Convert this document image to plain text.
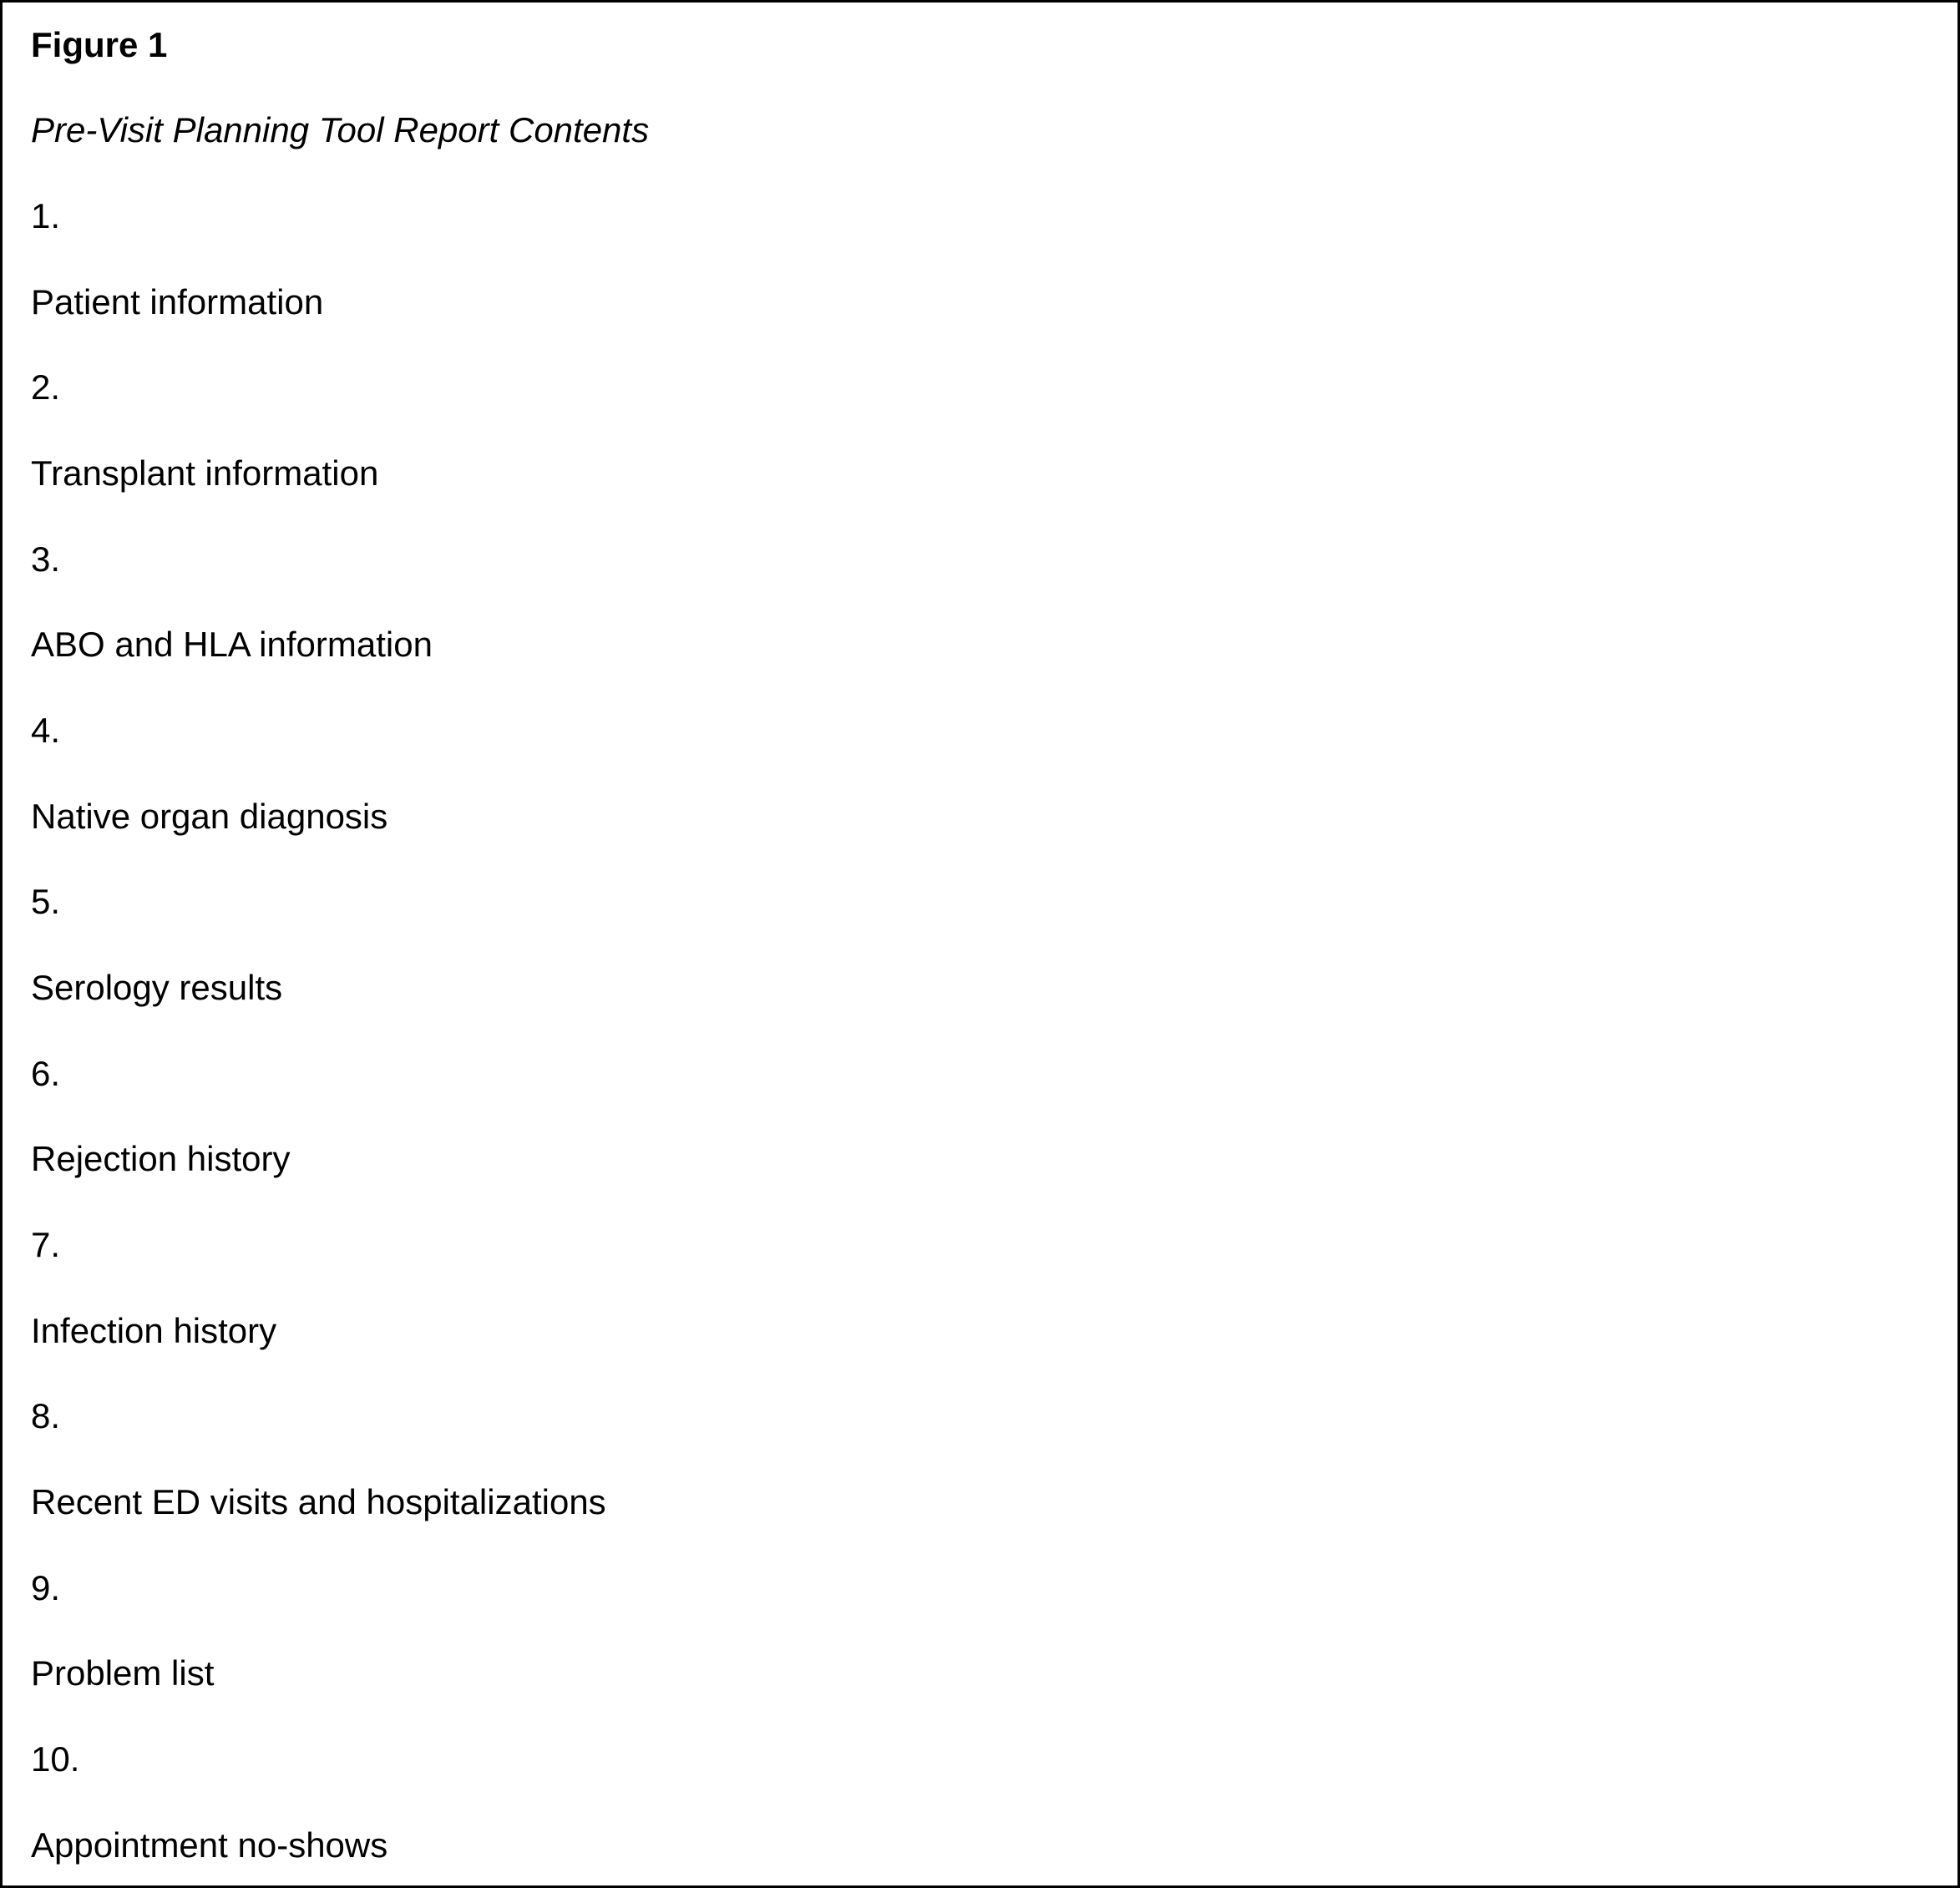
Figure 1

Pre-Visit Planning Tool Report Contents

1.

Patient information

2.

Transplant information

3.

ABO and HLA information

4.

Native organ diagnosis

5.

Serology results

6.

Rejection history

7.

Infection history

8.

Recent ED visits and hospitalizations

9.

Problem list

10.

Appointment no-shows
